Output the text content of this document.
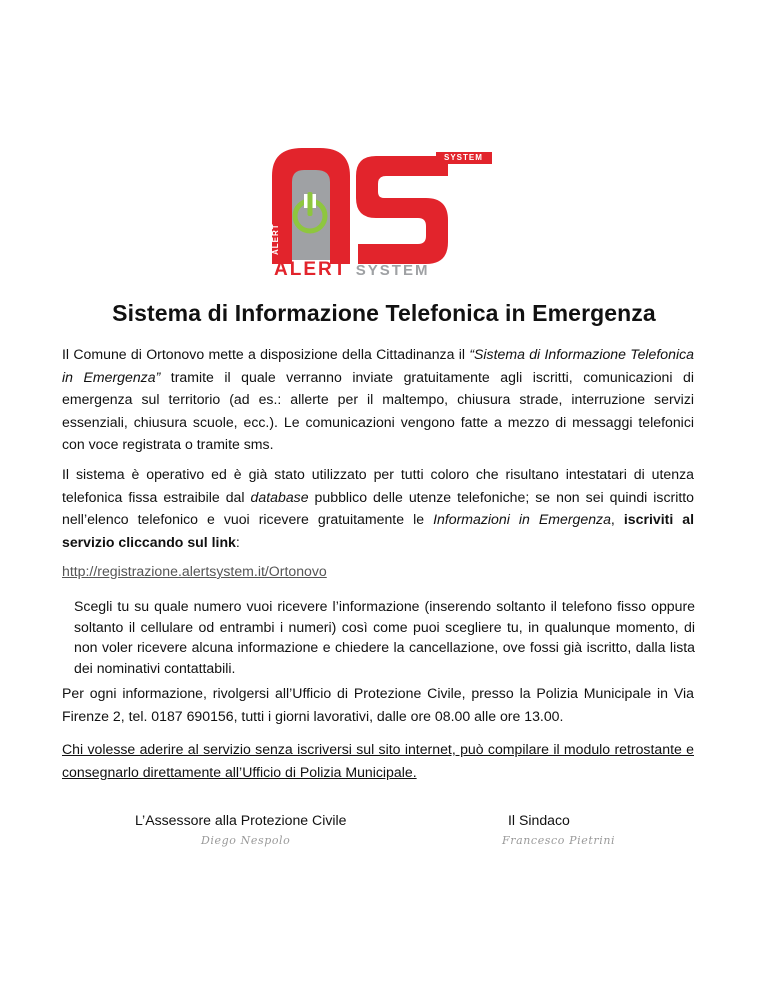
ALERT
SYSTEM
ALERT SYSTEM
Sistema di Informazione Telefonica in Emergenza
Il Comune di Ortonovo mette a disposizione della Cittadinanza il “Sistema di Informazione Telefonica in Emergenza” tramite il quale verranno inviate gratuitamente agli iscritti, comunicazioni di emergenza sul territorio (ad es.: allerte per il maltempo, chiusura strade, interruzione servizi essenziali, chiusura scuole, ecc.). Le comunicazioni vengono fatte a mezzo di messaggi telefonici con voce registrata o tramite sms.
Il sistema è operativo ed è già stato utilizzato per tutti coloro che risultano intestatari di utenza telefonica fissa estraibile dal database pubblico delle utenze telefoniche; se non sei quindi iscritto nell’elenco telefonico e vuoi ricevere gratuitamente le Informazioni in Emergenza, iscriviti al servizio cliccando sul link:
http://registrazione.alertsystem.it/Ortonovo
Scegli tu su quale numero vuoi ricevere l’informazione (inserendo soltanto il telefono fisso oppure soltanto il cellulare od entrambi i numeri) così come puoi scegliere tu, in qualunque momento, di non voler ricevere alcuna informazione e chiedere la cancellazione, ove fossi già iscritto, dalla lista dei nominativi contattabili.
Per ogni informazione, rivolgersi all’Ufficio di Protezione Civile, presso la Polizia Municipale in Via Firenze 2, tel. 0187 690156, tutti i giorni lavorativi, dalle ore 08.00 alle ore 13.00.
Chi volesse aderire al servizio senza iscriversi sul sito internet, può compilare il modulo retrostante e consegnarlo direttamente all’Ufficio di Polizia Municipale.
L’Assessore alla Protezione Civile	Il Sindaco
Diego Nespolo	Francesco Pietrini
